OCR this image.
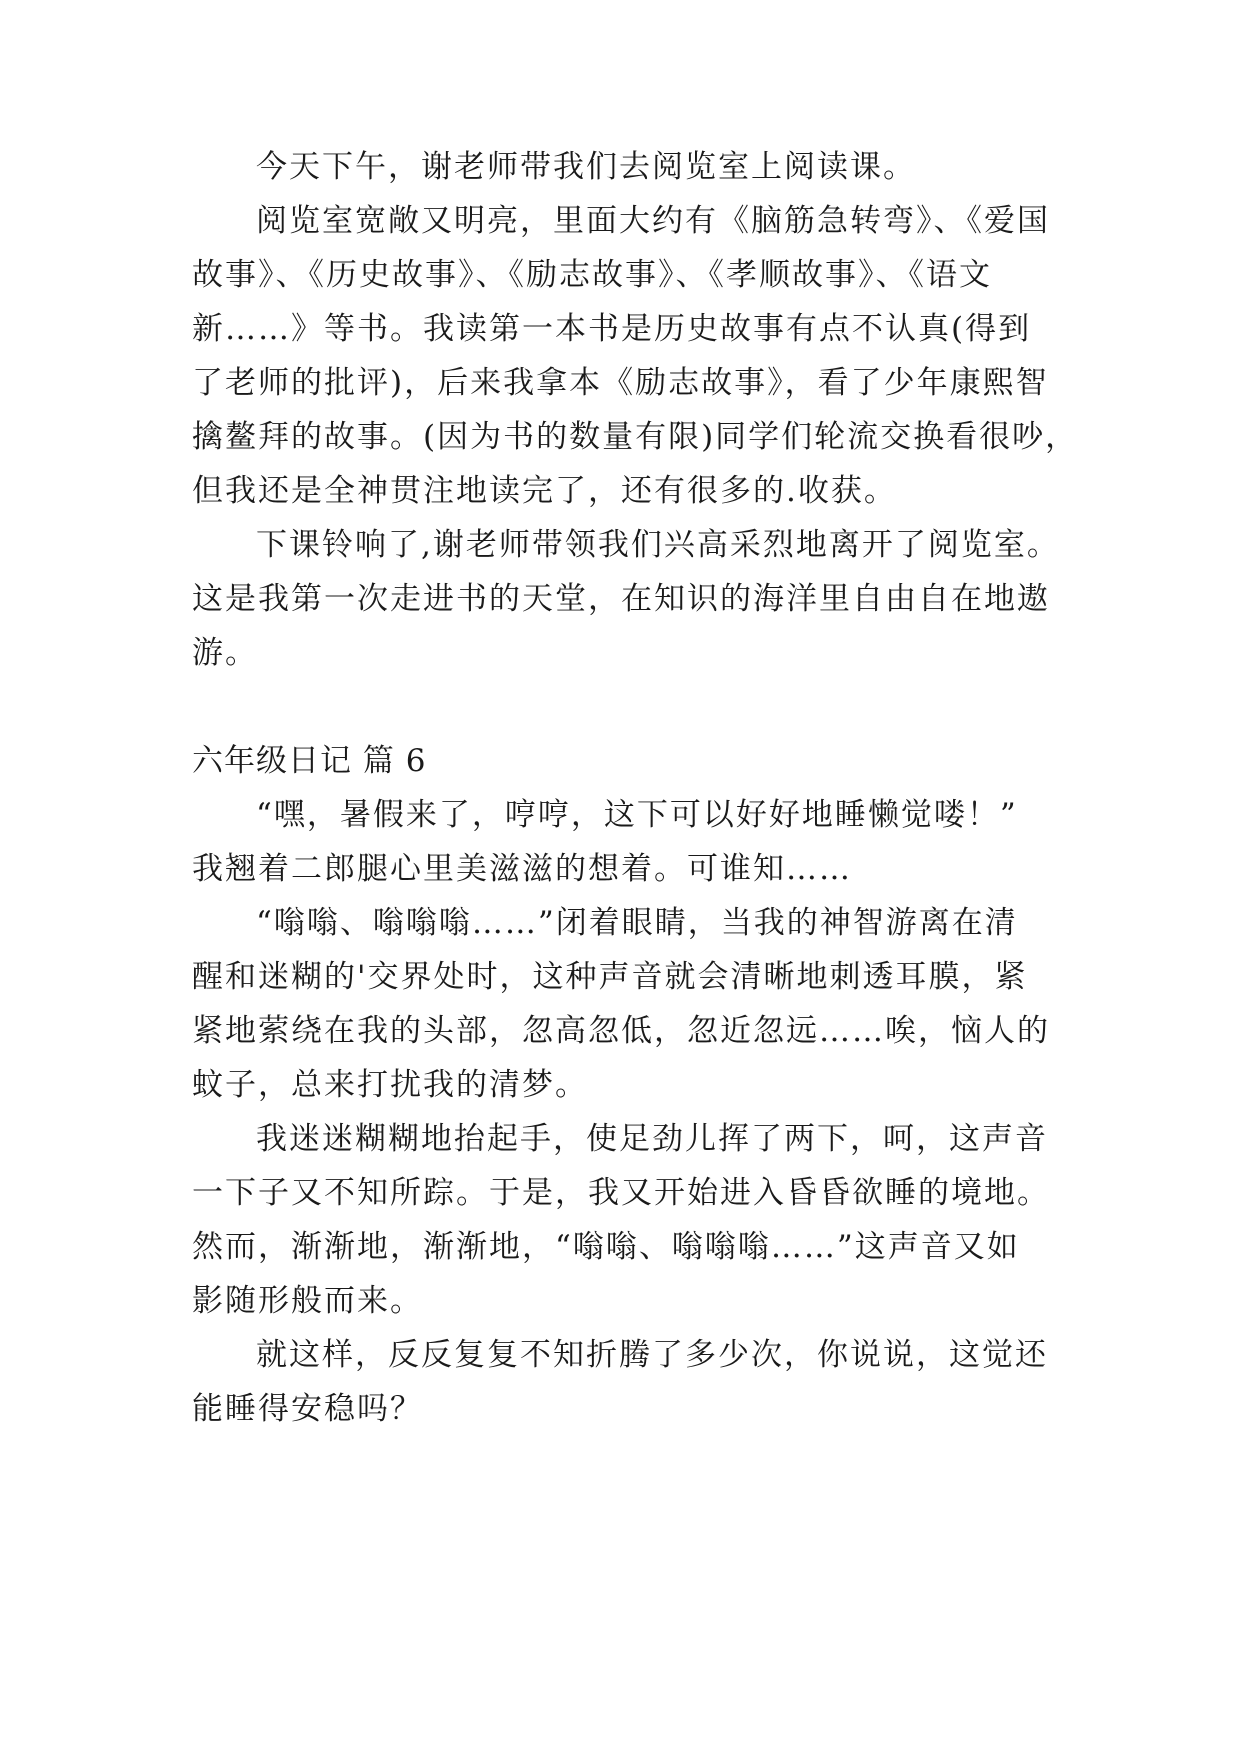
今天下午，谢老师带我们去阅览室上阅读课。
阅览室宽敞又明亮，里面大约有《脑筋急转弯》、《爱国
故事》、《历史故事》、《励志故事》、《孝顺故事》、《语文
新……》等书。我读第一本书是历史故事有点不认真(得到
了老师的批评)，后来我拿本《励志故事》，看了少年康熙智
擒鳌拜的故事。(因为书的数量有限)同学们轮流交换看很吵，
但我还是全神贯注地读完了，还有很多的.收获。
下课铃响了,谢老师带领我们兴高采烈地离开了阅览室。
这是我第一次走进书的天堂，在知识的海洋里自由自在地遨
游。
六年级日记 篇 6
“嘿，暑假来了，哼哼，这下可以好好地睡懒觉喽！”
我翘着二郎腿心里美滋滋的想着。可谁知……
“嗡嗡、嗡嗡嗡……”闭着眼睛，当我的神智游离在清
醒和迷糊的'交界处时，这种声音就会清晰地刺透耳膜，紧
紧地萦绕在我的头部，忽高忽低，忽近忽远……唉，恼人的
蚊子，总来打扰我的清梦。
我迷迷糊糊地抬起手，使足劲儿挥了两下，呵，这声音
一下子又不知所踪。于是，我又开始进入昏昏欲睡的境地。
然而，渐渐地，渐渐地，“嗡嗡、嗡嗡嗡……”这声音又如
影随形般而来。
就这样，反反复复不知折腾了多少次，你说说，这觉还
能睡得安稳吗？
